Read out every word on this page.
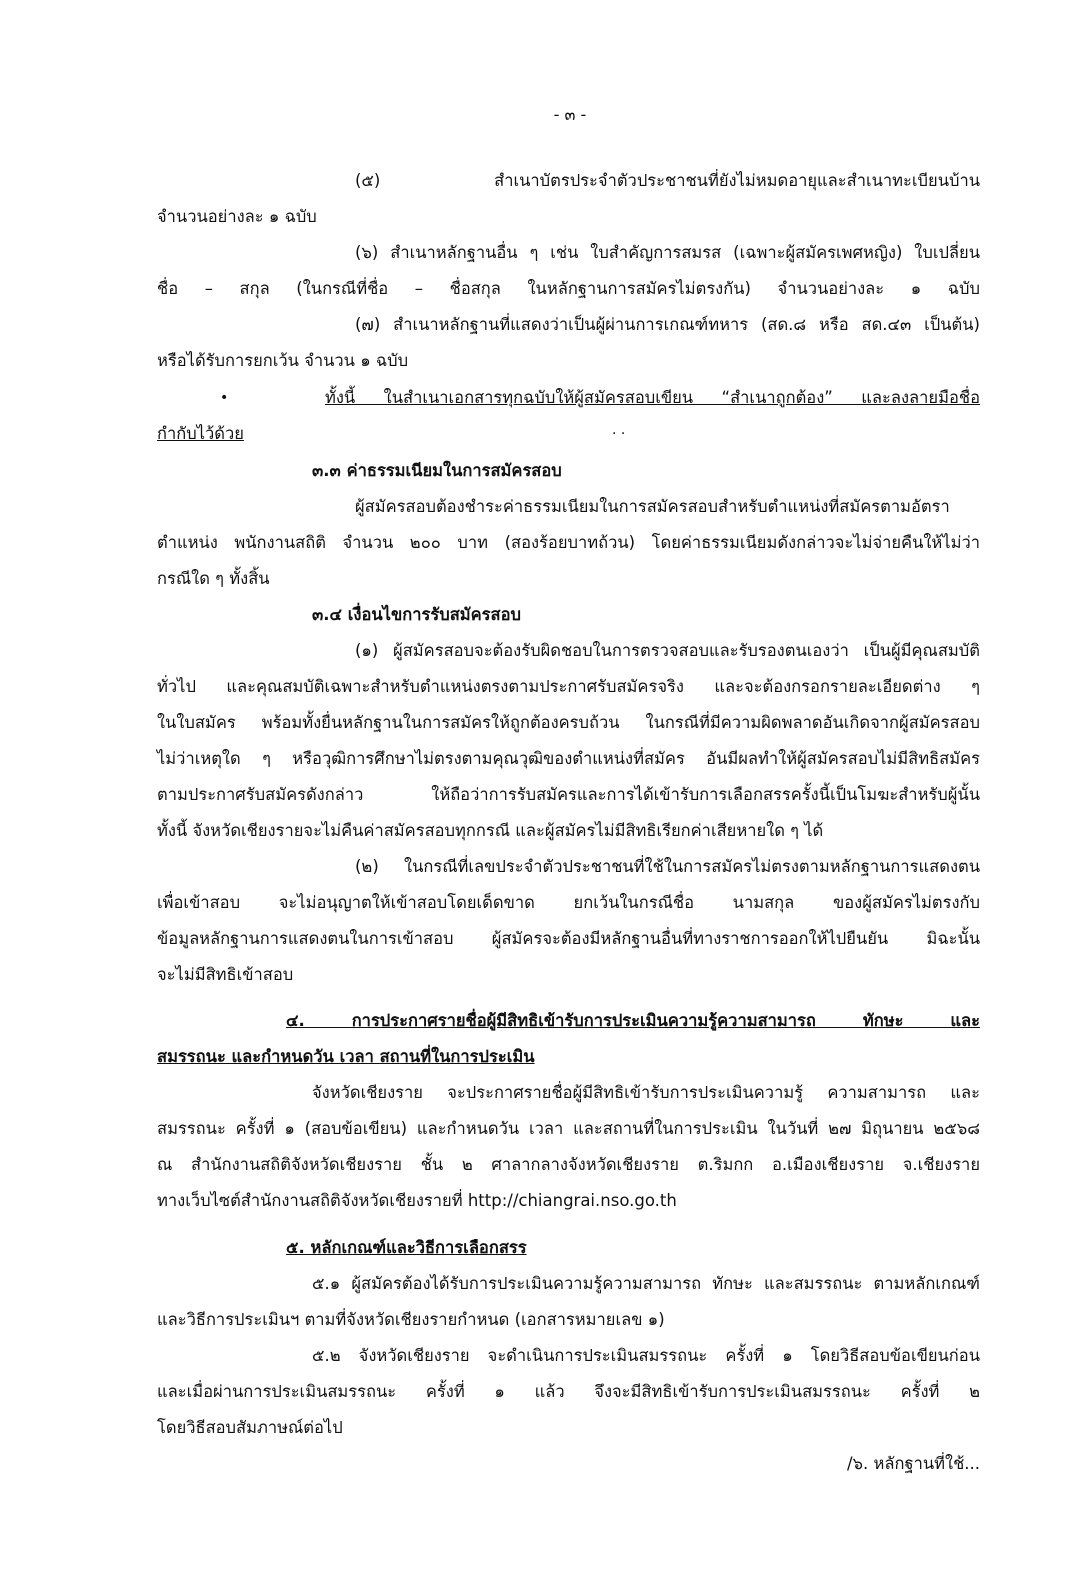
- ๓ -
(๕) สำเนาบัตรประจำตัวประชาชนที่ยังไม่หมดอายุและสำเนาทะเบียนบ้าน
จำนวนอย่างละ ๑ ฉบับ
(๖) สำเนาหลักฐานอื่น ๆ เช่น ใบสำคัญการสมรส (เฉพาะผู้สมัครเพศหญิง) ใบเปลี่ยน
ชื่อ – สกุล (ในกรณีที่ชื่อ – ชื่อสกุล ในหลักฐานการสมัครไม่ตรงกัน) จำนวนอย่างละ ๑ ฉบับ
(๗) สำเนาหลักฐานที่แสดงว่าเป็นผู้ผ่านการเกณฑ์ทหาร (สด.๘ หรือ สด.๔๓ เป็นต้น)
หรือได้รับการยกเว้น จำนวน ๑ ฉบับ
•	ทั้งนี้ ในสำเนาเอกสารทุกฉบับให้ผู้สมัครสอบเขียน “สำเนาถูกต้อง” และลงลายมือชื่อ
กำกับไว้ด้วย	· ·
๓.๓ ค่าธรรมเนียมในการสมัครสอบ
ผู้สมัครสอบต้องชำระค่าธรรมเนียมในการสมัครสอบสำหรับตำแหน่งที่สมัครตามอัตรา
ตำแหน่ง พนักงานสถิติ จำนวน ๒๐๐ บาท (สองร้อยบาทถ้วน) โดยค่าธรรมเนียมดังกล่าวจะไม่จ่ายคืนให้ไม่ว่า
กรณีใด ๆ ทั้งสิ้น
๓.๔ เงื่อนไขการรับสมัครสอบ
(๑) ผู้สมัครสอบจะต้องรับผิดชอบในการตรวจสอบและรับรองตนเองว่า เป็นผู้มีคุณสมบัติ
ทั่วไป และคุณสมบัติเฉพาะสำหรับตำแหน่งตรงตามประกาศรับสมัครจริง และจะต้องกรอกรายละเอียดต่าง ๆ
ในใบสมัคร พร้อมทั้งยื่นหลักฐานในการสมัครให้ถูกต้องครบถ้วน ในกรณีที่มีความผิดพลาดอันเกิดจากผู้สมัครสอบ
ไม่ว่าเหตุใด ๆ หรือวุฒิการศึกษาไม่ตรงตามคุณวุฒิของตำแหน่งที่สมัคร อันมีผลทำให้ผู้สมัครสอบไม่มีสิทธิสมัคร
ตามประกาศรับสมัครดังกล่าว ให้ถือว่าการรับสมัครและการได้เข้ารับการเลือกสรรครั้งนี้เป็นโมฆะสำหรับผู้นั้น
ทั้งนี้ จังหวัดเชียงรายจะไม่คืนค่าสมัครสอบทุกกรณี และผู้สมัครไม่มีสิทธิเรียกค่าเสียหายใด ๆ ได้
(๒) ในกรณีที่เลขประจำตัวประชาชนที่ใช้ในการสมัครไม่ตรงตามหลักฐานการแสดงตน
เพื่อเข้าสอบ จะไม่อนุญาตให้เข้าสอบโดยเด็ดขาด ยกเว้นในกรณีชื่อ นามสกุล ของผู้สมัครไม่ตรงกับ
ข้อมูลหลักฐานการแสดงตนในการเข้าสอบ ผู้สมัครจะต้องมีหลักฐานอื่นที่ทางราชการออกให้ไปยืนยัน มิฉะนั้น
จะไม่มีสิทธิเข้าสอบ
๔. การประกาศรายชื่อผู้มีสิทธิเข้ารับการประเมินความรู้ความสามารถ ทักษะ และ
สมรรถนะ และกำหนดวัน เวลา สถานที่ในการประเมิน
จังหวัดเชียงราย จะประกาศรายชื่อผู้มีสิทธิเข้ารับการประเมินความรู้ ความสามารถ และ
สมรรถนะ ครั้งที่ ๑ (สอบข้อเขียน) และกำหนดวัน เวลา และสถานที่ในการประเมิน ในวันที่ ๒๗ มิถุนายน ๒๕๖๘
ณ สำนักงานสถิติจังหวัดเชียงราย ชั้น ๒ ศาลากลางจังหวัดเชียงราย ต.ริมกก อ.เมืองเชียงราย จ.เชียงราย
ทางเว็บไซต์สำนักงานสถิติจังหวัดเชียงรายที่ http://chiangrai.nso.go.th
๕. หลักเกณฑ์และวิธีการเลือกสรร
๕.๑ ผู้สมัครต้องได้รับการประเมินความรู้ความสามารถ ทักษะ และสมรรถนะ ตามหลักเกณฑ์
และวิธีการประเมินฯ ตามที่จังหวัดเชียงรายกำหนด (เอกสารหมายเลข ๑)
๕.๒ จังหวัดเชียงราย จะดำเนินการประเมินสมรรถนะ ครั้งที่ ๑ โดยวิธีสอบข้อเขียนก่อน
และเมื่อผ่านการประเมินสมรรถนะ ครั้งที่ ๑ แล้ว จึงจะมีสิทธิเข้ารับการประเมินสมรรถนะ ครั้งที่ ๒
โดยวิธีสอบสัมภาษณ์ต่อไป
/๖. หลักฐานที่ใช้...
